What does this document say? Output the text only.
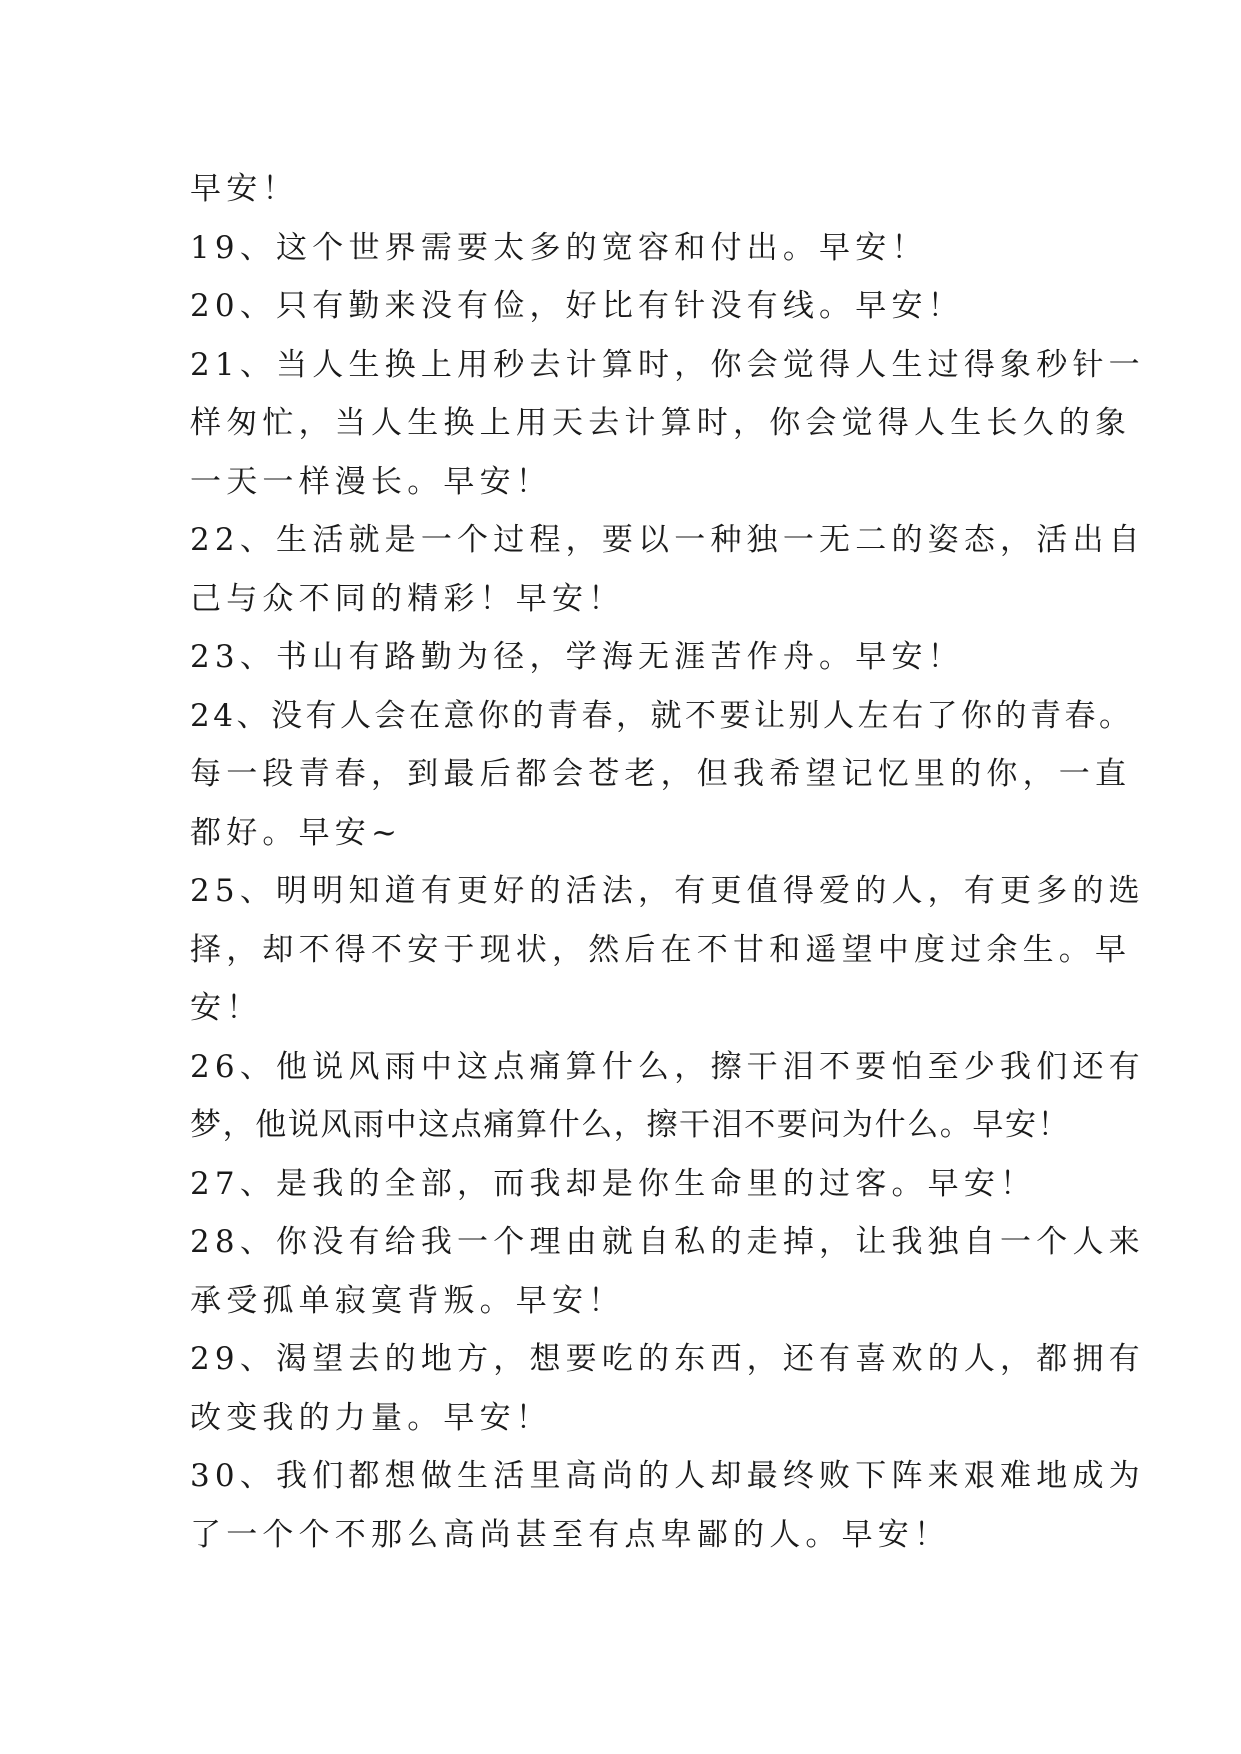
早安！
19、这个世界需要太多的宽容和付出。早安！
20、只有勤来没有俭，好比有针没有线。早安！
21、当人生换上用秒去计算时，你会觉得人生过得象秒针一
样匆忙，当人生换上用天去计算时，你会觉得人生长久的象
一天一样漫长。早安！
22、生活就是一个过程，要以一种独一无二的姿态，活出自
己与众不同的精彩！早安！
23、书山有路勤为径，学海无涯苦作舟。早安！
24、没有人会在意你的青春，就不要让别人左右了你的青春。
每一段青春，到最后都会苍老，但我希望记忆里的你，一直
都好。早安~
25、明明知道有更好的活法，有更值得爱的人，有更多的选
择，却不得不安于现状，然后在不甘和遥望中度过余生。早
安！
26、他说风雨中这点痛算什么，擦干泪不要怕至少我们还有
梦，他说风雨中这点痛算什么，擦干泪不要问为什么。早安！
27、是我的全部，而我却是你生命里的过客。早安！
28、你没有给我一个理由就自私的走掉，让我独自一个人来
承受孤单寂寞背叛。早安！
29、渴望去的地方，想要吃的东西，还有喜欢的人，都拥有
改变我的力量。早安！
30、我们都想做生活里高尚的人却最终败下阵来艰难地成为
了一个个不那么高尚甚至有点卑鄙的人。早安！
